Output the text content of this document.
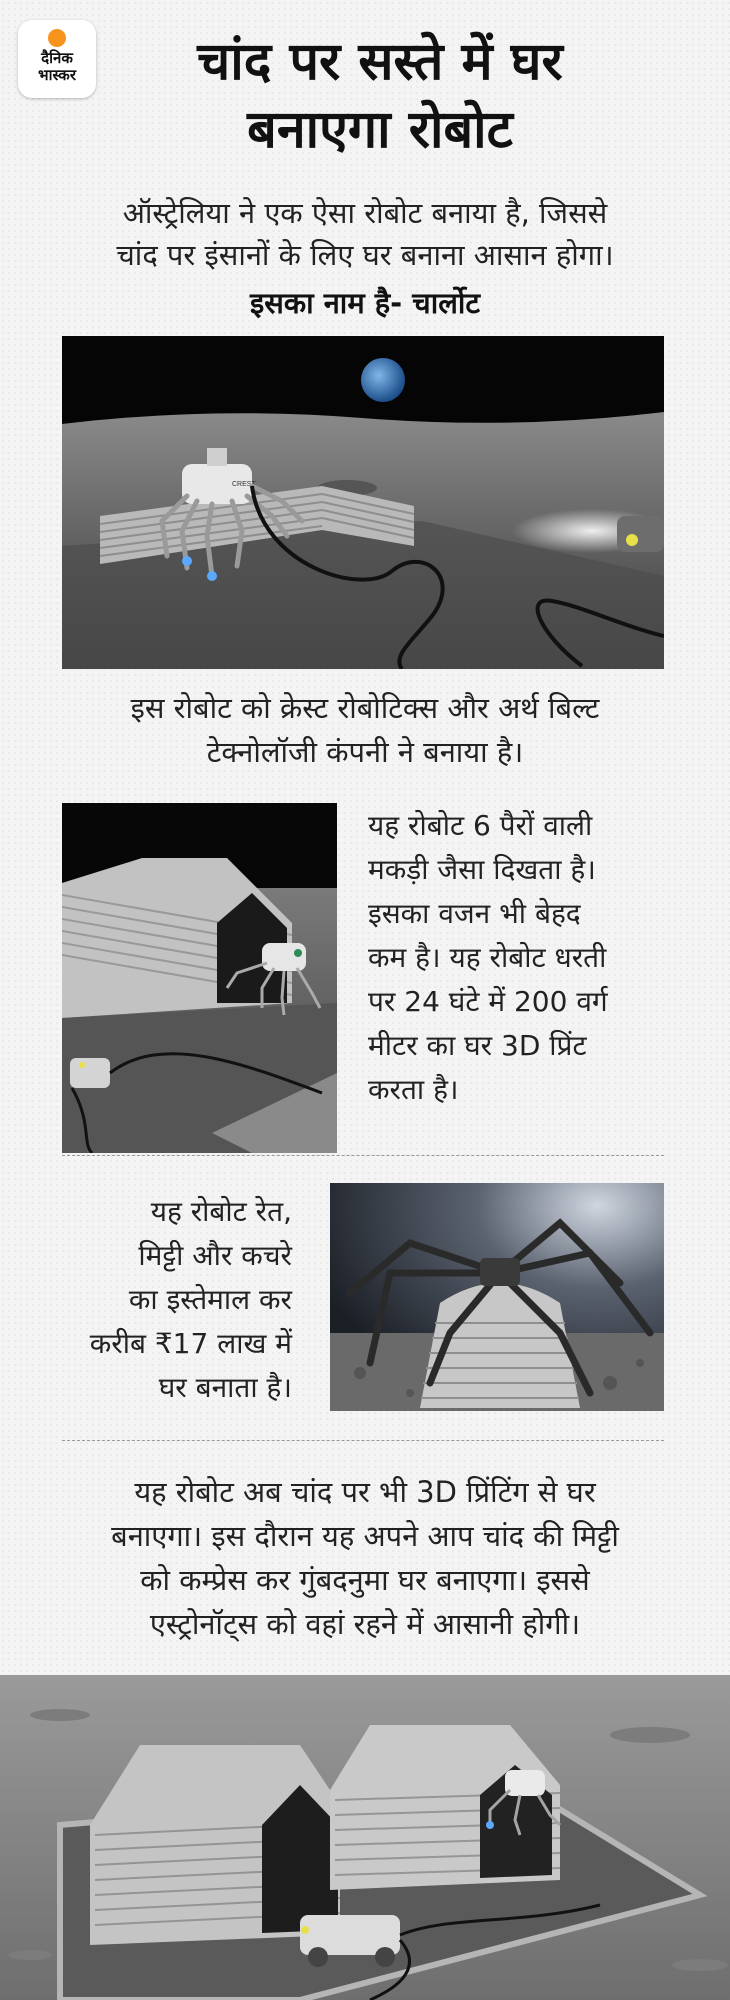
दैनिक
भास्कर	चांद पर सस्ते में घर
बनाएगा रोबोट
ऑस्ट्रेलिया ने एक ऐसा रोबोट बनाया है, जिससे
चांद पर इंसानों के लिए घर बनाना आसान होगा।
इसका नाम है- चार्लोट
CREST
इस रोबोट को क्रेस्ट रोबोटिक्स और अर्थ बिल्ट
टेक्नोलॉजी कंपनी ने बनाया है।
यह रोबोट 6 पैरों वाली
मकड़ी जैसा दिखता है।
इसका वजन भी बेहद
कम है। यह रोबोट धरती
पर 24 घंटे में 200 वर्ग
मीटर का घर 3D प्रिंट
करता है।
यह रोबोट रेत,
मिट्टी और कचरे
का इस्तेमाल कर
करीब ₹17 लाख में
घर बनाता है।
यह रोबोट अब चांद पर भी 3D प्रिंटिंग से घर
बनाएगा। इस दौरान यह अपने आप चांद की मिट्टी
को कम्प्रेस कर गुंबदनुमा घर बनाएगा। इससे
एस्ट्रोनॉट्स को वहां रहने में आसानी होगी।
